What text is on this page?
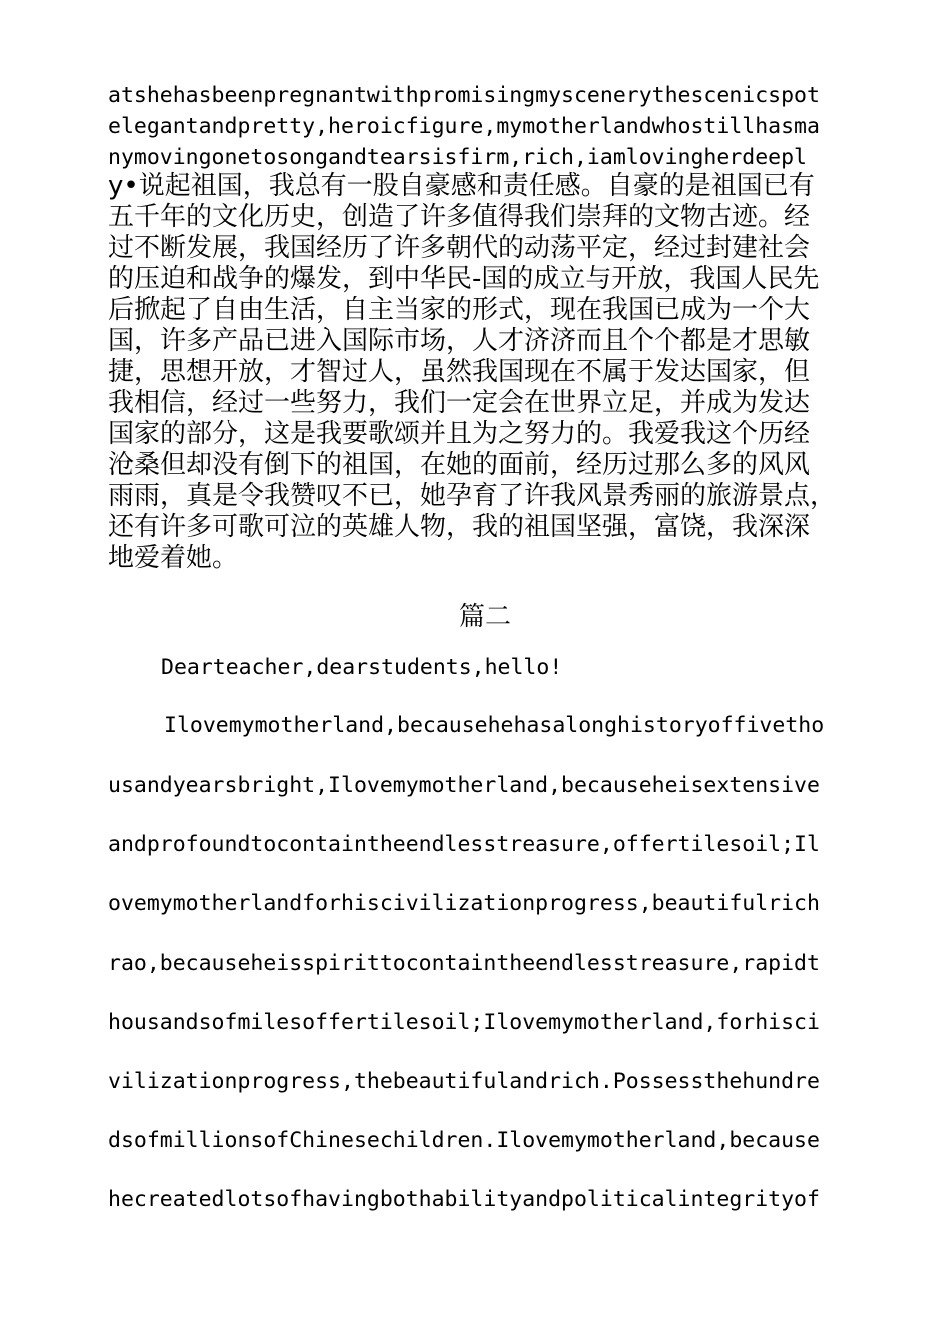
atshehasbeenpregnantwithpromisingmyscenerythescenicspot
elegantandpretty,heroicfigure,mymotherlandwhostillhasma
nymovingonetosongandtearsisfirm,rich,iamlovingherdeepl
y•说起祖国，我总有一股自豪感和责任感。自豪的是祖国已有
五千年的文化历史，创造了许多值得我们崇拜的文物古迹。经
过不断发展，我国经历了许多朝代的动荡平定，经过封建社会
的压迫和战争的爆发，到中华民-国的成立与开放，我国人民先
后掀起了自由生活，自主当家的形式，现在我国已成为一个大
国，许多产品已进入国际市场，人才济济而且个个都是才思敏
捷，思想开放，才智过人，虽然我国现在不属于发达国家，但
我相信，经过一些努力，我们一定会在世界立足，并成为发达
国家的部分，这是我要歌颂并且为之努力的。我爱我这个历经
沧桑但却没有倒下的祖国，在她的面前，经历过那么多的风风
雨雨，真是令我赞叹不已，她孕育了许我风景秀丽的旅游景点，
还有许多可歌可泣的英雄人物，我的祖国坚强，富饶，我深深
地爱着她。
篇二
Dearteacher,dearstudents,hello!
Ilovemymotherland,becausehehasalonghistoryoffivetho
usandyearsbright,Ilovemymotherland,becauseheisextensive
andprofoundtocontaintheendlesstreasure,offertilesoil;Il
ovemymotherlandforhiscivilizationprogress,beautifulrich
rao,becauseheisspirittocontaintheendlesstreasure,rapidt
housandsofmilesoffertilesoil;Ilovemymotherland,forhisci
vilizationprogress,thebeautifulandrich.Possessthehundre
dsofmillionsofChinesechildren.Ilovemymotherland,because
hecreatedlotsofhavingbothabilityandpoliticalintegrityof
